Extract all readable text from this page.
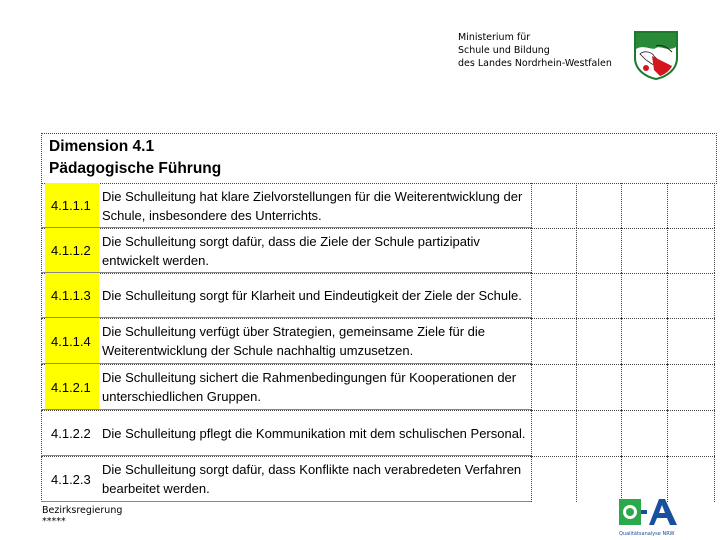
Ministerium für
Schule und Bildung
des Landes Nordrhein-Westfalen
Dimension 4.1
Pädagogische Führung
4.1.1.1
Die Schulleitung hat klare Zielvorstellungen für die Weiterentwicklung der Schule, insbesondere des Unterrichts.
4.1.1.2
Die Schulleitung sorgt dafür, dass die Ziele der Schule partizipativ entwickelt werden.
4.1.1.3 Die Schulleitung sorgt für Klarheit und Eindeutigkeit der Ziele der Schule.
4.1.1.4
Die Schulleitung verfügt über Strategien, gemeinsame Ziele für die Weiterentwicklung der Schule nachhaltig umzusetzen.
4.1.2.1
Die Schulleitung sichert die Rahmenbedingungen für Kooperationen der unterschiedlichen Gruppen.
4.1.2.2 Die Schulleitung pflegt die Kommunikation mit dem schulischen Personal.
4.1.2.3
Die Schulleitung sorgt dafür, dass Konflikte nach verabredeten Verfahren bearbeitet werden.
Bezirksregierung
*****
Qualitätsanalyse NRW
